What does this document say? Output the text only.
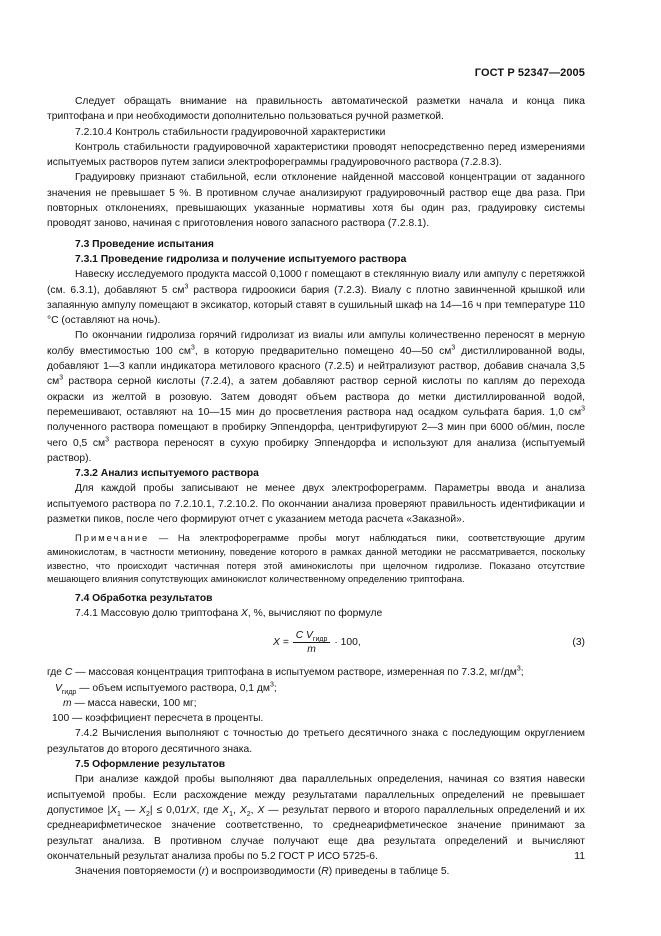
ГОСТ Р 52347—2005

Следует обращать внимание на правильность автоматической разметки начала и конца пика триптофана и при необходимости дополнительно пользоваться ручной разметкой.

7.2.10.4 Контроль стабильности градуировочной характеристики

Контроль стабильности градуировочной характеристики проводят непосредственно перед измерениями испытуемых растворов путем записи электрофореграммы градуировочного раствора (7.2.8.3).

Градуировку признают стабильной, если отклонение найденной массовой концентрации от заданного значения не превышает 5 %. В противном случае анализируют градуировочный раствор еще два раза. При повторных отклонениях, превышающих указанные нормативы хотя бы один раз, градуировку системы проводят заново, начиная с приготовления нового запасного раствора (7.2.8.1).

7.3 Проведение испытания

7.3.1 Проведение гидролиза и получение испытуемого раствора

Навеску исследуемого продукта массой 0,1000 г помещают в стеклянную виалу или ампулу с перетяжкой (см. 6.3.1), добавляют 5 $см^3$ раствора гидроокиси бария (7.2.3). Виалу с плотно завинченной крышкой или запаянную ампулу помещают в эксикатор, который ставят в сушильный шкаф на 14—16 ч при температуре 110 °С (оставляют на ночь).

По окончании гидролиза горячий гидролизат из виалы или ампулы количественно переносят в мерную колбу вместимостью 100 $см^3$, в которую предварительно помещено 40—50 $см^3$ дистиллированной воды, добавляют 1—3 капли индикатора метилового красного (7.2.5) и нейтрализуют раствор, добавив сначала 3,5 $см^3$ раствора серной кислоты (7.2.4), а затем добавляют раствор серной кислоты по каплям до перехода окраски из желтой в розовую. Затем доводят объем раствора до метки дистиллированной водой, перемешивают, оставляют на 10—15 мин до просветления раствора над осадком сульфата бария. 1,0 $см^3$ полученного раствора помещают в пробирку Эппендорфа, центрифугируют 2—3 мин при 6000 об/мин, после чего 0,5 $см^3$ раствора переносят в сухую пробирку Эппендорфа и используют для анализа (испытуемый раствор).

7.3.2 Анализ испытуемого раствора

Для каждой пробы записывают не менее двух электрофореграмм. Параметры ввода и анализа испытуемого раствора по 7.2.10.1, 7.2.10.2. По окончании анализа проверяют правильность идентификации и разметки пиков, после чего формируют отчет с указанием метода расчета «Заказной».

Примечание — На электрофореграмме пробы могут наблюдаться пики, соответствующие другим аминокислотам, в частности метионину, поведение которого в рамках данной методики не рассматривается, поскольку известно, что происходит частичная потеря этой аминокислоты при щелочном гидролизе. Показано отсутствие мешающего влияния сопутствующих аминокислот количественному определению триптофана.

7.4 Обработка результатов

7.4.1 Массовую долю триптофана X, %, вычисляют по формуле

$X = \frac{C V_{гидр}}{m} \cdot 100$,	(3)

где C — массовая концентрация триптофана в испытуемом растворе, измеренная по 7.3.2, $мг/дм^3$;

$V_{гидр}$ — объем испытуемого раствора, 0,1 $дм^3$;

m — масса навески, 100 мг;

100 — коэффициент пересчета в проценты.

7.4.2 Вычисления выполняют с точностью до третьего десятичного знака с последующим округлением результатов до второго десятичного знака.

7.5 Оформление результатов

При анализе каждой пробы выполняют два параллельных определения, начиная со взятия навески испытуемой пробы. Если расхождение между результатами параллельных определений не превышает допустимое $|X_1$ — $X_2| \le 0,01rX$, где $X_1$, $X_2$, X — результат первого и второго параллельных определений и их среднеарифметическое значение соответственно, то среднеарифметическое значение принимают за результат анализа. В противном случае получают еще два результата определений и вычисляют окончательный результат анализа пробы по 5.2 ГОСТ Р ИСО 5725-6.

Значения повторяемости (r) и воспроизводимости (R) приведены в таблице 5.

11
